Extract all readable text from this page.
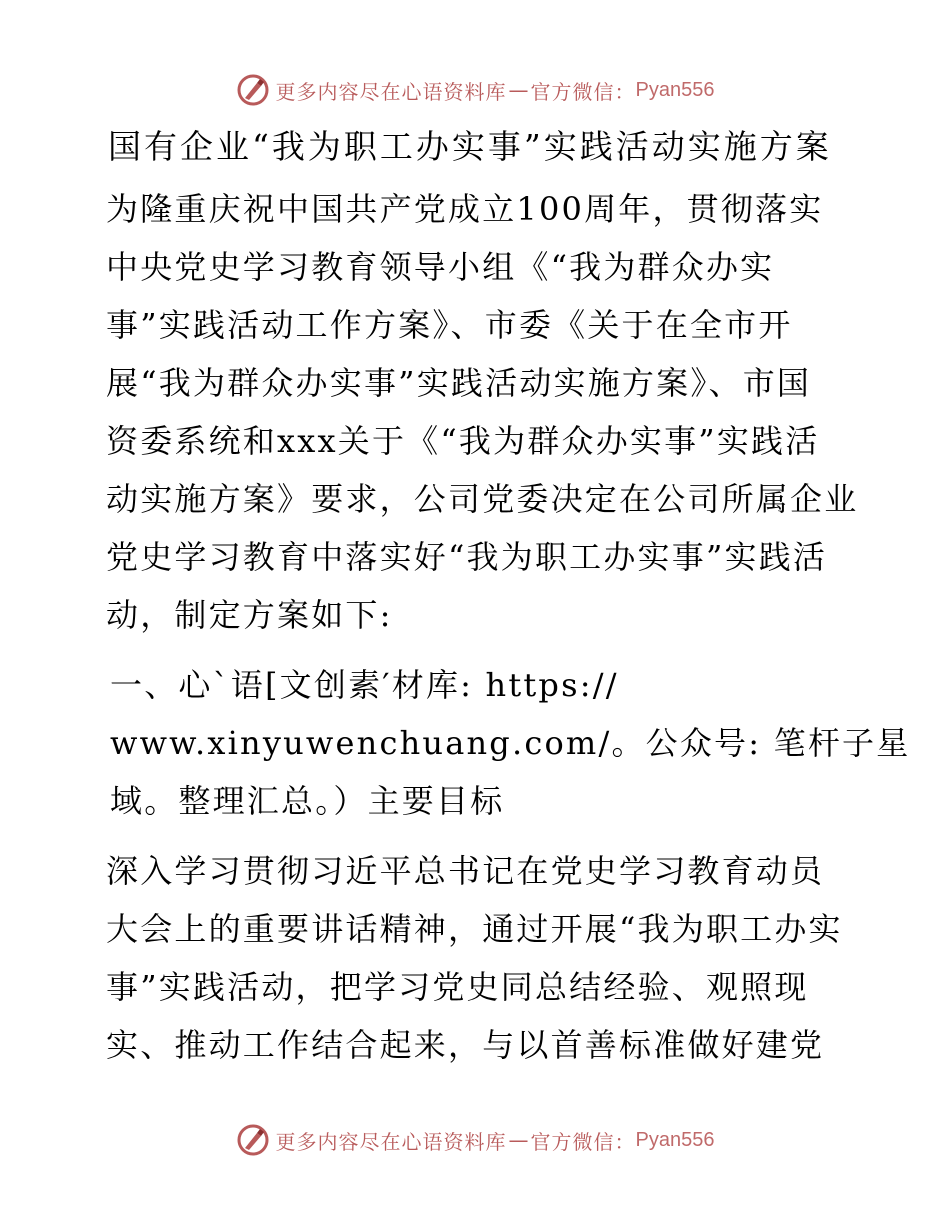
更多内容尽在心语资料库 — 官方微信： Pyan556
国有企业“我为职工办实事”实践活动实施方案
为隆重庆祝中国共产党成立100周年，贯彻落实
中央党史学习教育领导小组《“我为群众办实
事”实践活动工作方案》、市委《关于在全市开
展“我为群众办实事”实践活动实施方案》、市国
资委系统和xxx关于《“我为群众办实事”实践活
动实施方案》要求，公司党委决定在公司所属企业
党史学习教育中落实好“我为职工办实事”实践活
动，制定方案如下:
一、心`语[文创素′材库: https://
www.xinyuwenchuang.com/。公众号: 笔杆子星
域。整理汇总。）主要目标
深入学习贯彻习近平总书记在党史学习教育动员
大会上的重要讲话精神，通过开展“我为职工办实
事”实践活动，把学习党史同总结经验、观照现
实、推动工作结合起来，与以首善标准做好建党
更多内容尽在心语资料库 — 官方微信： Pyan556
